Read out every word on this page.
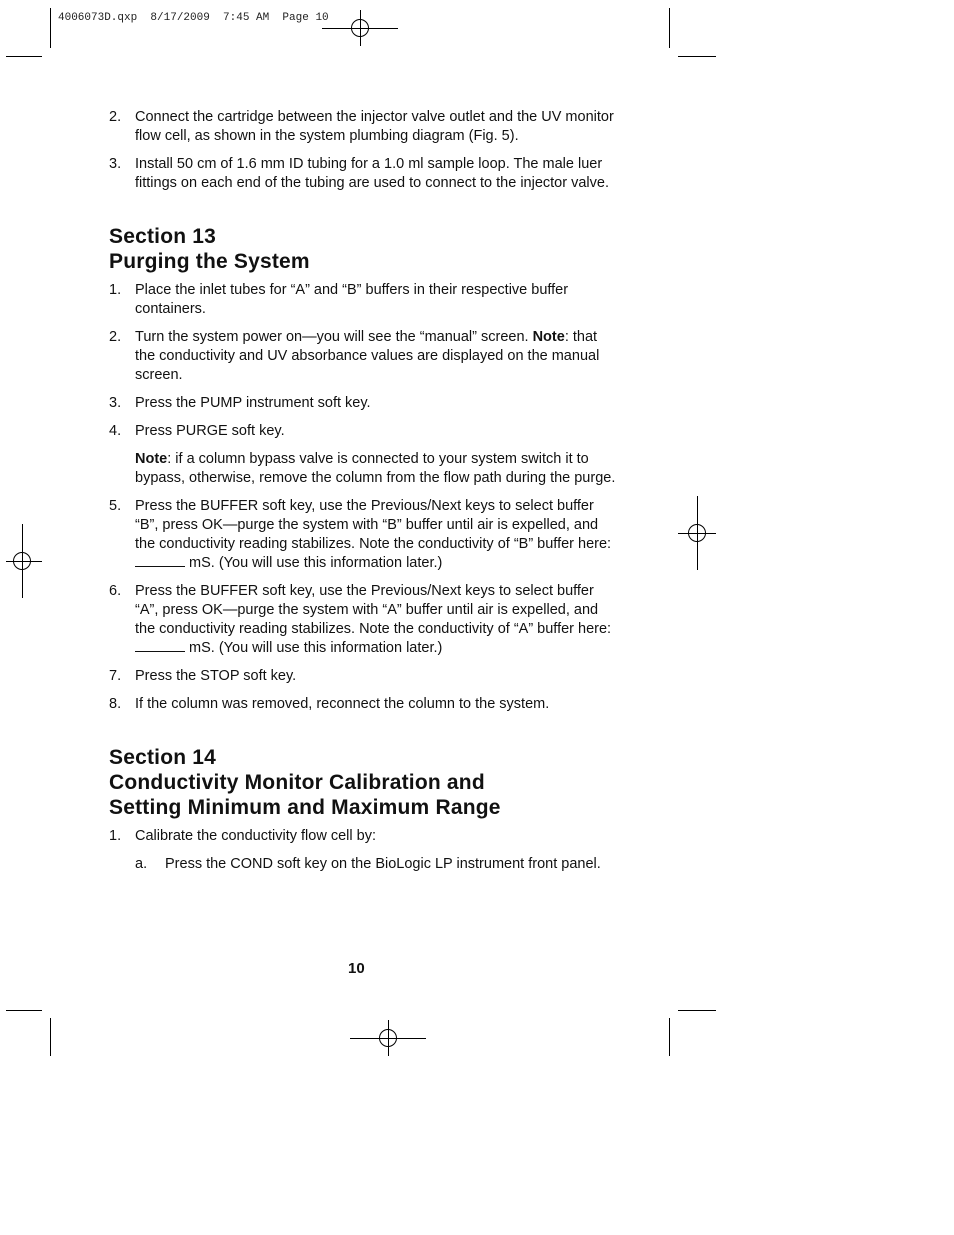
4006073D.qxp  8/17/2009  7:45 AM  Page 10
2. Connect the cartridge between the injector valve outlet and the UV monitor flow cell, as shown in the system plumbing diagram (Fig. 5).
3. Install 50 cm of 1.6 mm ID tubing for a 1.0 ml sample loop. The male luer fittings on each end of the tubing are used to connect to the injector valve.
Section 13
Purging the System
1. Place the inlet tubes for “A” and “B” buffers in their respective buffer containers.
2. Turn the system power on—you will see the “manual” screen. Note: that the conductivity and UV absorbance values are displayed on the manual screen.
3. Press the PUMP instrument soft key.
4. Press PURGE soft key.

Note: if a column bypass valve is connected to your system switch it to bypass, otherwise, remove the column from the flow path during the purge.

5. Press the BUFFER soft key, use the Previous/Next keys to select buffer “B”, press OK—purge the system with “B” buffer until air is expelled, and the conductivity reading stabilizes. Note the conductivity of “B” buffer here:  mS. (You will use this information later.)
6. Press the BUFFER soft key, use the Previous/Next keys to select buffer “A”, press OK—purge the system with “A” buffer until air is expelled, and the conductivity reading stabilizes. Note the conductivity of “A” buffer here:  mS. (You will use this information later.)
7. Press the STOP soft key.
8. If the column was removed, reconnect the column to the system.
Section 14
Conductivity Monitor Calibration and
Setting Minimum and Maximum Range
1. Calibrate the conductivity flow cell by:
a. Press the COND soft key on the BioLogic LP instrument front panel.
10
